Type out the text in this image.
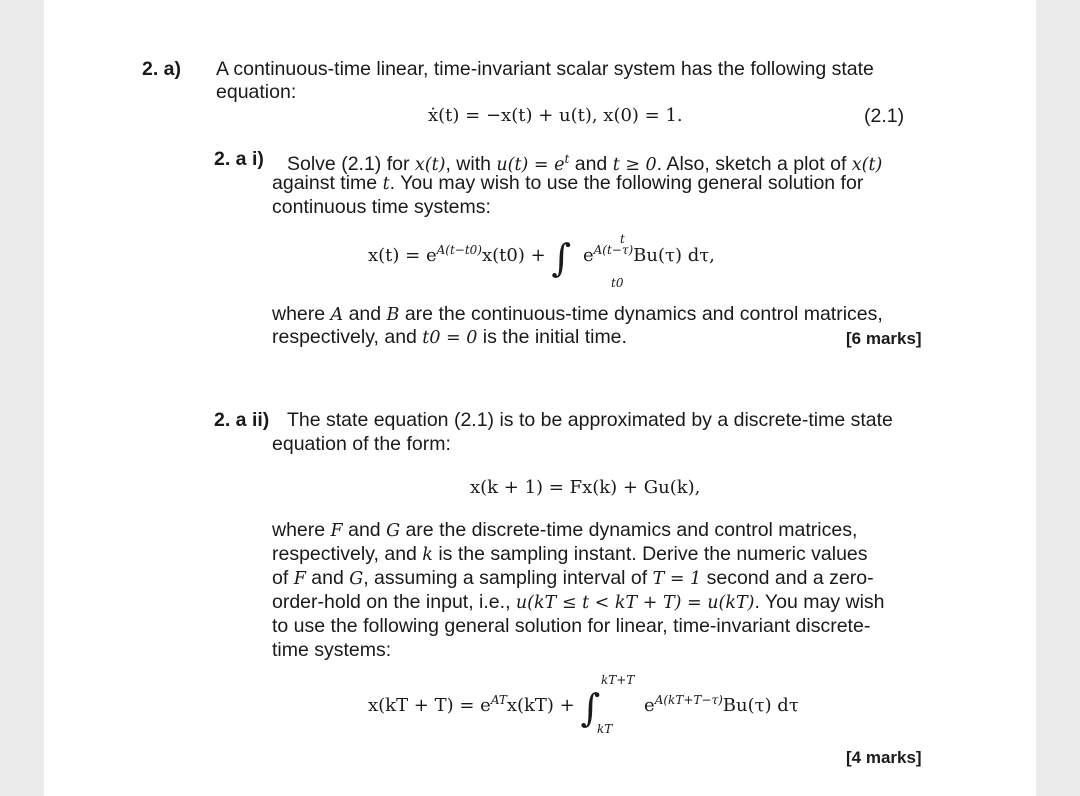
2. a) A continuous-time linear, time-invariant scalar system has the following state
equation:
ẋ(t) = −x(t) + u(t), x(0) = 1.	(2.1)
2. a i) Solve (2.1) for x(t), with $u(t) = e^t$ and t ≥ 0. Also, sketch a plot of x(t)
against time t. You may wish to use the following general solution for
continuous time systems:
$x(t) = e^{A(t-t0)}x(t0)$ + ∫ $e^{A(t-\tau)}Bu(\tau)$ dτ,
t
t0
where A and B are the continuous-time dynamics and control matrices,
respectively, and t0 = 0 is the initial time.	[6 marks]
2. a ii) The state equation (2.1) is to be approximated by a discrete-time state
equation of the form:
x(k + 1) = Fx(k) + Gu(k),
where F and G are the discrete-time dynamics and control matrices,
respectively, and k is the sampling instant. Derive the numeric values
of F and G, assuming a sampling interval of T = 1 second and a zero-
order-hold on the input, i.e., u(kT ≤ t < kT + T) = u(kT). You may wish
to use the following general solution for linear, time-invariant discrete-
time systems:
$x(kT + T) = e^{AT}x(kT)$ + ∫ $e^{A(kT+T-\tau)}Bu(\tau)$ dτ
kT+T
kT
[4 marks]
